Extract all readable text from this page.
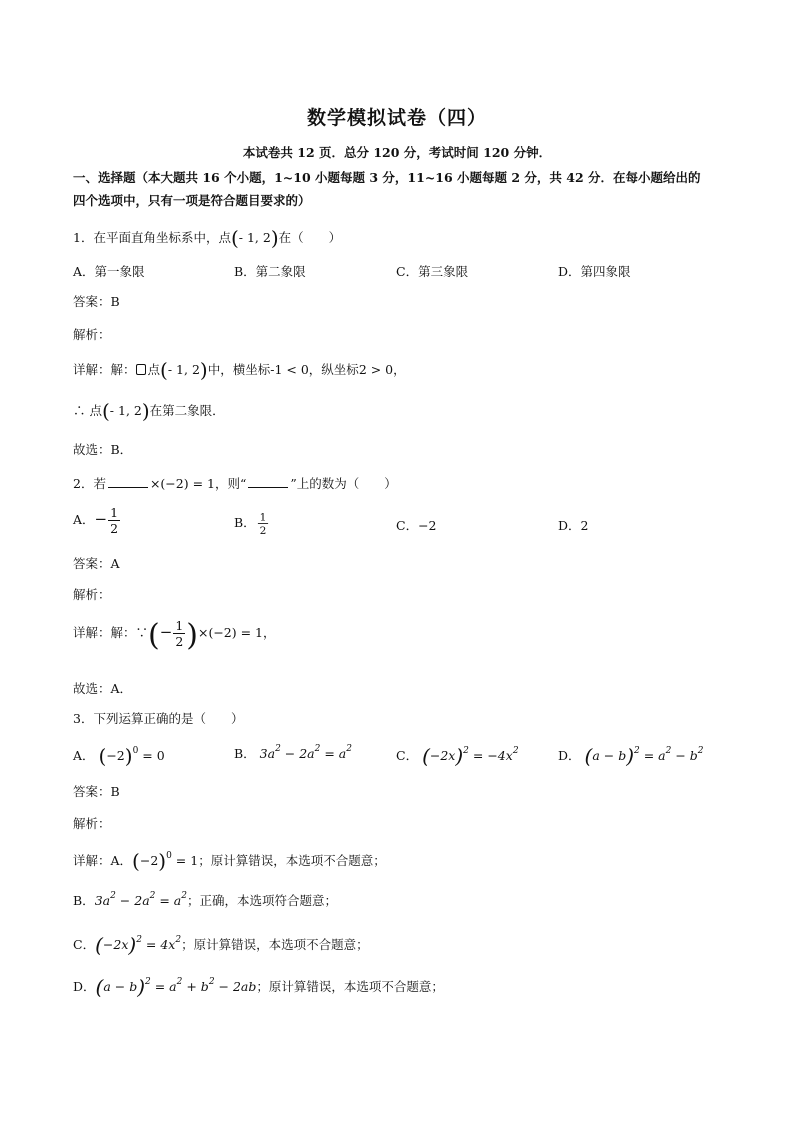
数学模拟试卷（四）
本试卷共 12 页．总分 120 分，考试时间 120 分钟．
一、选择题（本大题共 16 个小题，1~10 小题每题 3 分，11~16 小题每题 2 分，共 42 分．在每小题给出的
四个选项中，只有一项是符合题目要求的）
1．在平面直角坐标系中，点(- 1, 2)在（　　）
A．第一象限	B．第二象限	C．第三象限	D．第四象限
答案：B
解析：
详解：解： 点(- 1, 2)中，横坐标-1 < 0，纵坐标2 > 0，
∴ 点(- 1, 2)在第二象限．
故选：B．
2．若	×(−2) = 1，则“	”上的数为（　　）
A．− $\frac{1}{2}$	B． $\frac{1}{2}$	C．−2	D．2
答案：A
解析：
详解：解：∵(− $\frac{1}{2} )\times(-2) = 1$，
故选：A．
3．下列运算正确的是（　　）
A． $(-2)^0 = 0$	B． $3a^2 - 2a^2 = a^2$	C． $(-2x)^2 = -4x^2$	D． $(a - b)^2 = a^2 - b^2$
答案：B
解析：
详解：A．$(-2)^0 = 1$；原计算错误，本选项不合题意；
B．$3a^2 - 2a^2 = a^2$；正确，本选项符合题意；
C．$(-2x)^2 = 4x^2$；原计算错误，本选项不合题意；
D．$(a - b)^2 = a^2 + b^2 - 2ab$；原计算错误，本选项不合题意；
